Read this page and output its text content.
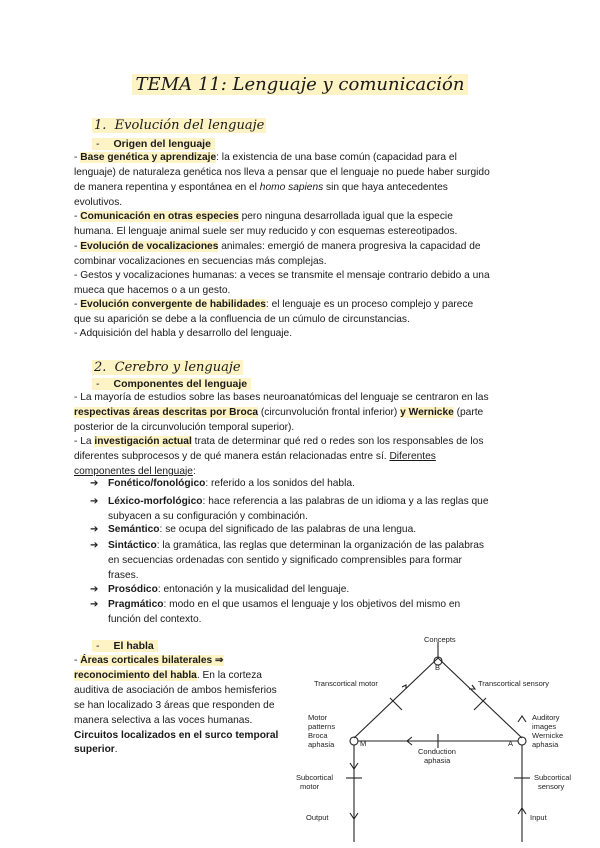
TEMA 11: Lenguaje y comunicación
1. Evolución del lenguaje
- Origen del lenguaje
- Base genética y aprendizaje: la existencia de una base común (capacidad para el
lenguaje) de naturaleza genética nos lleva a pensar que el lenguaje no puede haber surgido
de manera repentina y espontánea en el homo sapiens sin que haya antecedentes
evolutivos.
- Comunicación en otras especies pero ninguna desarrollada igual que la especie
humana. El lenguaje animal suele ser muy reducido y con esquemas estereotipados.
- Evolución de vocalizaciones animales: emergió de manera progresiva la capacidad de
combinar vocalizaciones en secuencias más complejas.
- Gestos y vocalizaciones humanas: a veces se transmite el mensaje contrario debido a una
mueca que hacemos o a un gesto.
- Evolución convergente de habilidades: el lenguaje es un proceso complejo y parece
que su aparición se debe a la confluencia de un cúmulo de circunstancias.
- Adquisición del habla y desarrollo del lenguaje.
2. Cerebro y lenguaje
- Componentes del lenguaje
- La mayoría de estudios sobre las bases neuroanatómicas del lenguaje se centraron en las
respectivas áreas descritas por Broca (circunvolución frontal inferior) y Wernicke (parte
posterior de la circunvolución temporal superior).
- La investigación actual trata de determinar qué red o redes son los responsables de los
diferentes subprocesos y de qué manera están relacionadas entre sí. Diferentes
componentes del lenguaje:
➔ Fonético/fonológico: referido a los sonidos del habla.
➔ Léxico-morfológico: hace referencia a las palabras de un idioma y a las reglas que
subyacen a su configuración y combinación.
➔ Semántico: se ocupa del significado de las palabras de una lengua.
➔ Sintáctico: la gramática, las reglas que determinan la organización de las palabras
en secuencias ordenadas con sentido y significado comprensibles para formar
frases.
➔ Prosódico: entonación y la musicalidad del lenguaje.
➔ Pragmático: modo en el que usamos el lenguaje y los objetivos del mismo en
función del contexto.
- El habla
- Áreas corticales bilaterales ⇒ reconocimiento del habla. En la corteza auditiva de asociación de ambos hemisferios se han localizado 3 áreas que responden de manera selectiva a las voces humanas. Circuitos localizados en el surco temporal superior.
Concepts
B
Transcortical motor	Transcortical sensory
Motor
patterns
Broca
aphasia	M
Auditory
images
Wernicke
aphasia
A
Conduction
aphasia
Subcortical
motor
Subcortical
sensory
Output	Input
